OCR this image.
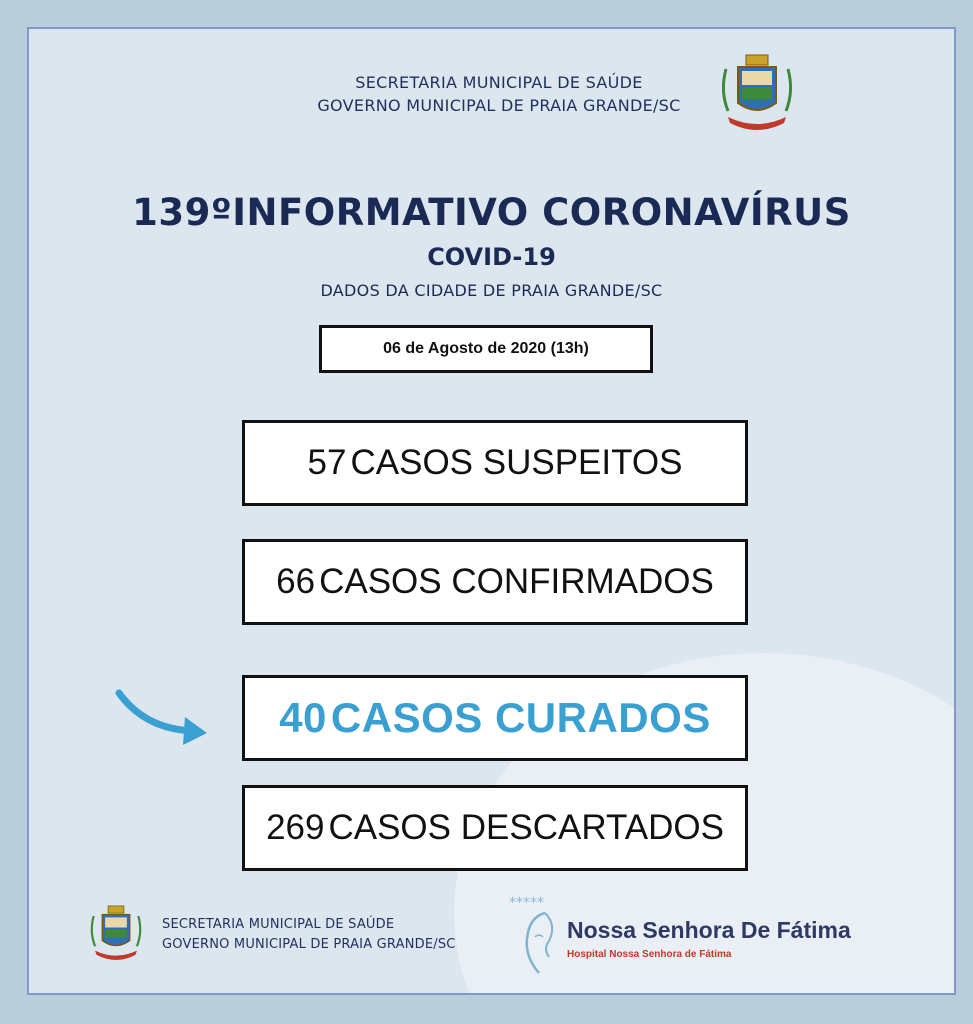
SECRETARIA MUNICIPAL DE SAÚDE
GOVERNO MUNICIPAL DE PRAIA GRANDE/SC
139ºINFORMATIVO CORONAVÍRUS
COVID-19
DADOS DA CIDADE DE PRAIA GRANDE/SC
06 de Agosto de 2020 (13h)
57 CASOS SUSPEITOS
66 CASOS CONFIRMADOS
40 CASOS CURADOS
269 CASOS DESCARTADOS
SECRETARIA MUNICIPAL DE SAÚDE
GOVERNO MUNICIPAL DE PRAIA GRANDE/SC
*****
Nossa Senhora De Fátima
Hospital Nossa Senhora de Fátima
